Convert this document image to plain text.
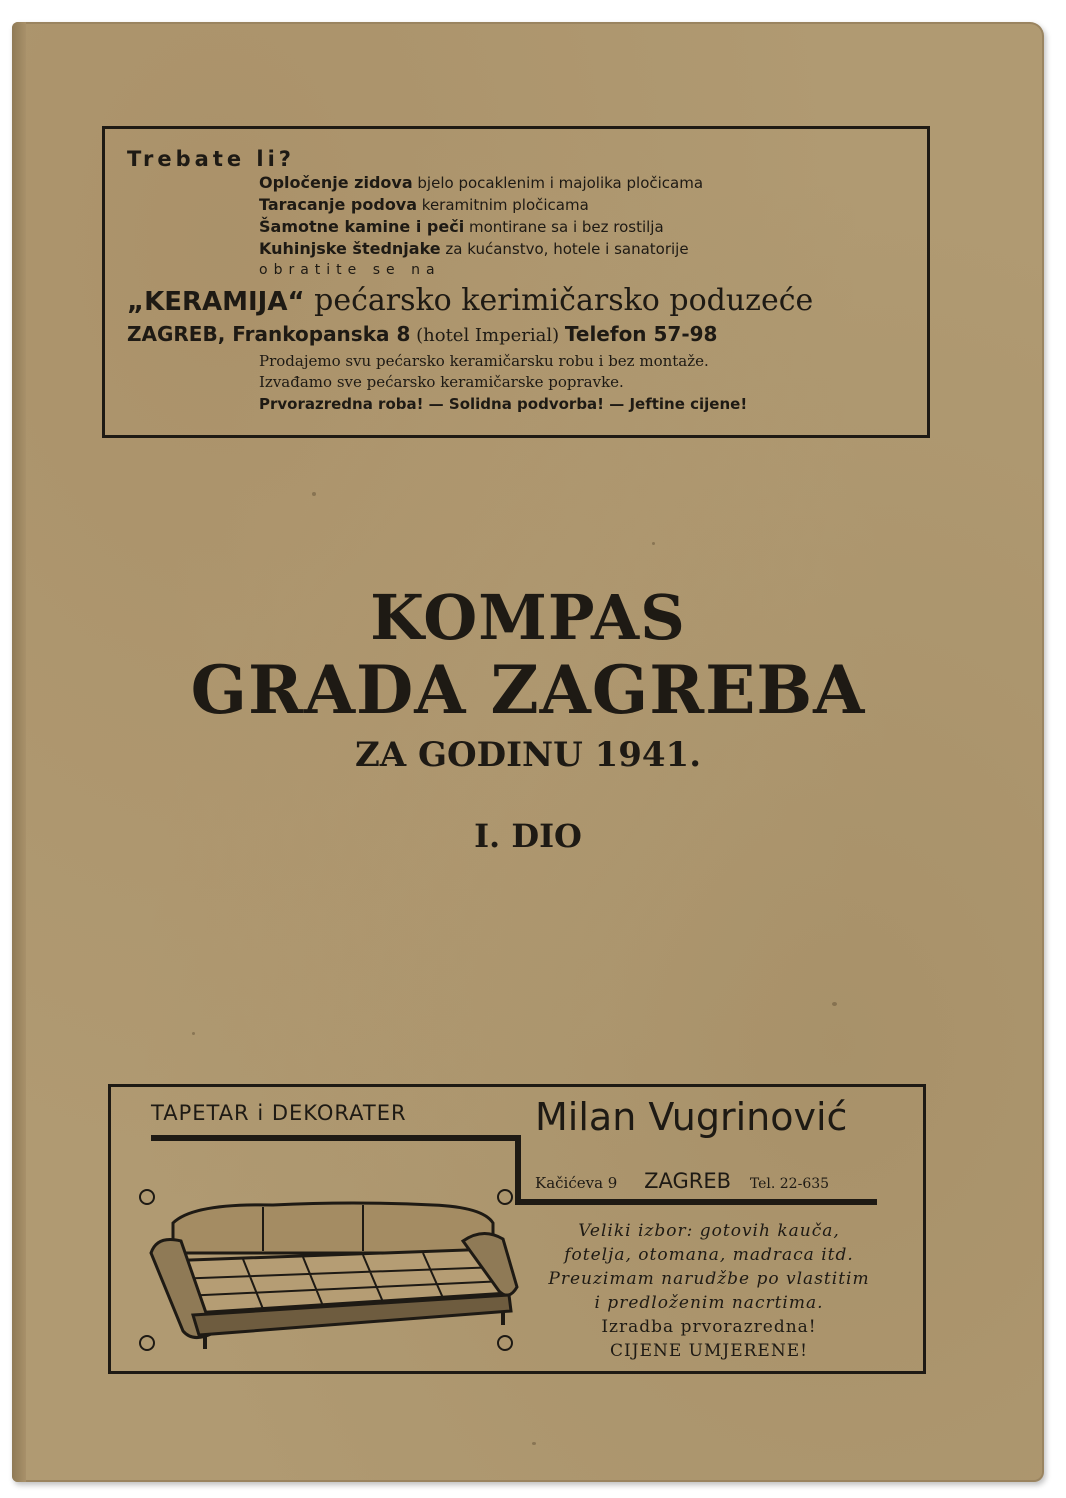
Trebate li?

Opločenje zidova bjelo pocaklenim i majolika pločicama

Taracanje podova keramitnim pločicama

Šamotne kamine i peči montirane sa i bez rostilja

Kuhinjske štednjake za kućanstvo, hotele i sanatorije

obratite se na

„KERAMIJA“ pećarsko kerimičarsko poduzeće

ZAGREB, Frankopanska 8 (hotel Imperial) Telefon 57-98

Prodajemo svu pećarsko keramičarsku robu i bez montaže.

Izvađamo sve pećarsko keramičarske popravke.

Prvorazredna roba! — Solidna podvorba! — Jeftine cijene!

KOMPAS

GRADA ZAGREBA

ZA GODINU 1941.

I. DIO

TAPETAR i DEKORATER	Milan Vugrinović
Kačićeva 9 ZAGREB Tel. 22-635

Veliki izbor: gotovih kauča,

fotelja, otomana, madraca itd.

Preuzimam narudžbe po vlastitim

i predloženim nacrtima.

Izradba prvorazredna!

CIJENE UMJERENE!
